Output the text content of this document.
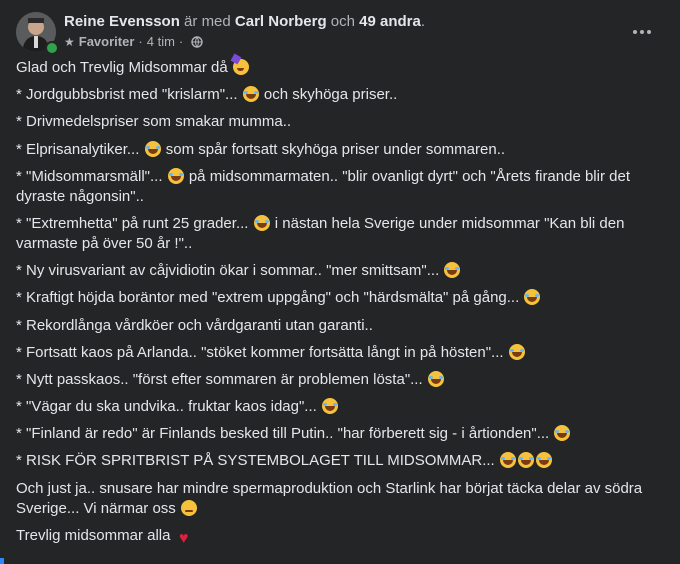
Reine Evensson är med Carl Norberg och 49 andra.
★ Favoriter · 4 tim ·
Glad och Trevlig Midsommar då
* Jordgubbsbrist med "krislarm"...  och skyhöga priser..
* Drivmedelspriser som smakar mumma..
* Elprisanalytiker...  som spår fortsatt skyhöga priser under sommaren..
* "Midsommarsmäll"...  på midsommarmaten.. "blir ovanligt dyrt" och "Årets firande blir det dyraste någonsin"..
* "Extremhetta" på runt 25 grader...  i nästan hela Sverige under midsommar "Kan bli den varmaste på över 50 år !"..
* Ny virusvariant av cåjvidiotin ökar i sommar.. "mer smittsam"...
* Kraftigt höjda boräntor med "extrem uppgång" och "härdsmälta" på gång...
* Rekordlånga vårdköer och vårdgaranti utan garanti..
* Fortsatt kaos på Arlanda.. "stöket kommer fortsätta långt in på hösten"...
* Nytt passkaos.. "först efter sommaren är problemen lösta"...
* "Vägar du ska undvika.. fruktar kaos idag"...
* "Finland är redo" är Finlands besked till Putin.. "har förberett sig - i årtionden"...
* RISK FÖR SPRITBRIST PÅ SYSTEMBOLAGET TILL MIDSOMMAR...
Och just ja.. snusare har mindre spermaproduktion och Starlink har börjat täcka delar av södra Sverige... Vi närmar oss
Trevlig midsommar alla ♥
